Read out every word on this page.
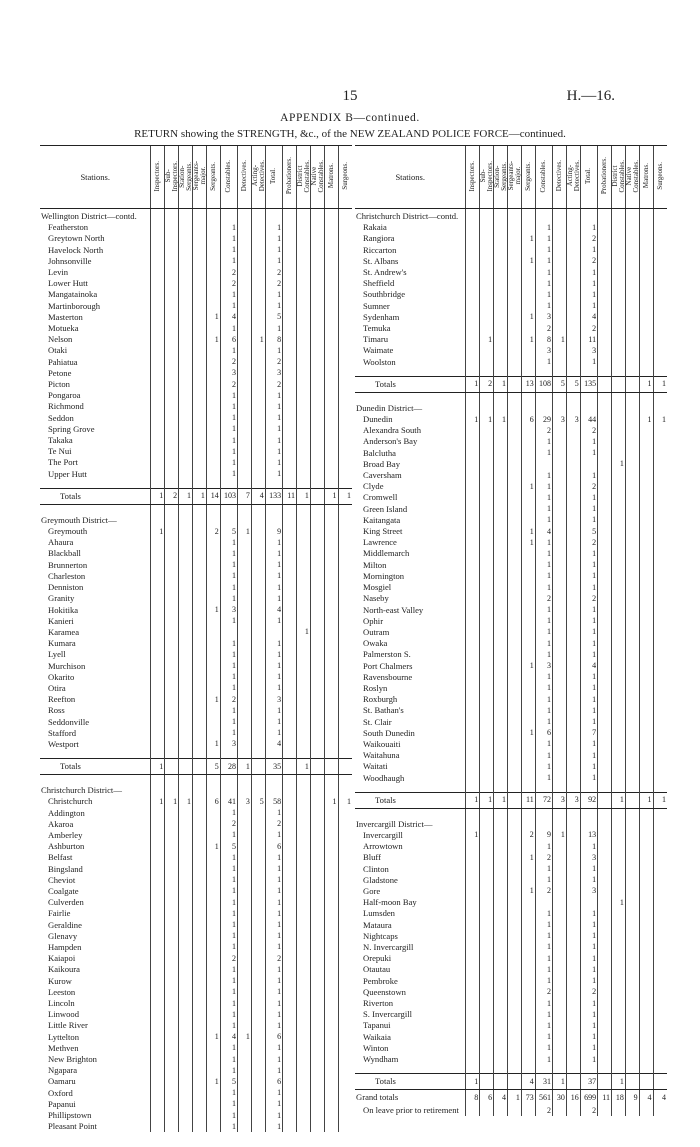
15	H.—16.
APPENDIX B—continued.
RETURN showing the STRENGTH, &c., of the NEW ZEALAND POLICE FORCE—continued.
Stations.	Inspectors.	Sub-
Inspectors.	Station-
Sergeants.	Sergeants-
major.	Sergeants.	Constables.	Detectives.	Acting-
Detectives.	Total.	Probationers.	District
Constables.	Native
Constables.	Matrons.	Surgeons.
Wellington District—contd.														
Featherston						1			1					
Greytown North						1			1					
Havelock North						1			1					
Johnsonville						1			1					
Levin						2			2					
Lower Hutt						2			2					
Mangatainoka						1			1					
Martinborough						1			1					
Masterton					1	4			5					
Motueka						1			1					
Nelson					1	6		1	8					
Otaki						1			1					
Pahiatua						2			2					
Petone						3			3					
Picton						2			2					
Pongaroa						1			1					
Richmond						1			1					
Seddon						1			1					
Spring Grove						1			1					
Takaka						1			1					
Te Nui						1			1					
The Port						1			1					
Upper Hutt						1			1					

Totals	1	2	1	1	14	103	7	4	133	11	1		1	1

Greymouth District—														
Greymouth	1				2	5	1		9					
Ahaura						1			1					
Blackball						1			1					
Brunnerton						1			1					
Charleston						1			1					
Denniston						1			1					
Granity						1			1					
Hokitika					1	3			4					
Kanieri						1			1					
Karamea											1			
Kumara						1			1					
Lyell						1			1					
Murchison						1			1					
Okarito						1			1					
Otira						1			1					
Reefton					1	2			3					
Ross						1			1					
Seddonville						1			1					
Stafford						1			1					
Westport					1	3			4					

Totals	1				5	28	1		35		1			

Christchurch District—														
Christchurch	1	1	1		6	41	3	5	58				1	1
Addington						1			1					
Akaroa						2			2					
Amberley						1			1					
Ashburton					1	5			6					
Belfast						1			1					
Bingsland						1			1					
Cheviot						1			1					
Coalgate						1			1					
Culverden						1			1					
Fairlie						1			1					
Geraldine						1			1					
Glenavy						1			1					
Hampden						1			1					
Kaiapoi						2			2					
Kaikoura						1			1					
Kurow						1			1					
Leeston						1			1					
Lincoln						1			1					
Linwood						1			1					
Little River						1			1					
Lyttelton					1	4	1		6					
Methven						1			1					
New Brighton						1			1					
Ngapara						1			1					
Oamaru					1	5			6					
Oxford						1			1					
Papanui						1			1					
Phillipstown						1			1					
Pleasant Point						1			1					
Stations.	Inspectors.	Sub-
Inspectors.	Station-
Sergeants.	Sergeants-
major.	Sergeants.	Constables.	Detectives.	Acting-
Detectives.	Total.	Probationers.	District
Constables.	Native
Constables.	Matrons.	Surgeons.
Christchurch District—contd.														
Rakaia						1			1					
Rangiora					1	1			2					
Riccarton						1			1					
St. Albans					1	1			2					
St. Andrew's						1			1					
Sheffield						1			1					
Southbridge						1			1					
Sumner						1			1					
Sydenham					1	3			4					
Temuka						2			2					
Timaru		1			1	8	1		11					
Waimate						3			3					
Woolston						1			1					

Totals	1	2	1		13	108	5	5	135				1	1

Dunedin District—														
Dunedin	1	1	1		6	29	3	3	44				1	1
Alexandra South						2			2					
Anderson's Bay						1			1					
Balclutha						1			1					
Broad Bay											1			
Caversham						1			1					
Clyde					1	1			2					
Cromwell						1			1					
Green Island						1			1					
Kaitangata						1			1					
King Street					1	4			5					
Lawrence					1	1			2					
Middlemarch						1			1					
Milton						1			1					
Mornington						1			1					
Mosgiel						1			1					
Naseby						2			2					
North-east Valley						1			1					
Ophir						1			1					
Outram						1			1					
Owaka						1			1					
Palmerston S.						1			1					
Port Chalmers					1	3			4					
Ravensbourne						1			1					
Roslyn						1			1					
Roxburgh						1			1					
St. Bathan's						1			1					
St. Clair						1			1					
South Dunedin					1	6			7					
Waikouaiti						1			1					
Waitahuna						1			1					
Waitati						1			1					
Woodhaugh						1			1					

Totals	1	1	1		11	72	3	3	92		1		1	1

Invercargill District—														
Invercargill	1				2	9	1		13					
Arrowtown						1			1					
Bluff					1	2			3					
Clinton						1			1					
Gladstone						1			1					
Gore					1	2			3					
Half-moon Bay											1			
Lumsden						1			1					
Mataura						1			1					
Nightcaps						1			1					
N. Invercargill						1			1					
Orepuki						1			1					
Otautau						1			1					
Pembroke						1			1					
Queenstown						2			2					
Riverton						1			1					
S. Invercargill						1			1					
Tapanui						1			1					
Waikaia						1			1					
Winton						1			1					
Wyndham						1			1					

Totals	1				4	31	1		37		1			
Grand totals	8	6	4	1	73	561	30	16	699	11	18	9	4	4
On leave prior to retirement						2			2					
